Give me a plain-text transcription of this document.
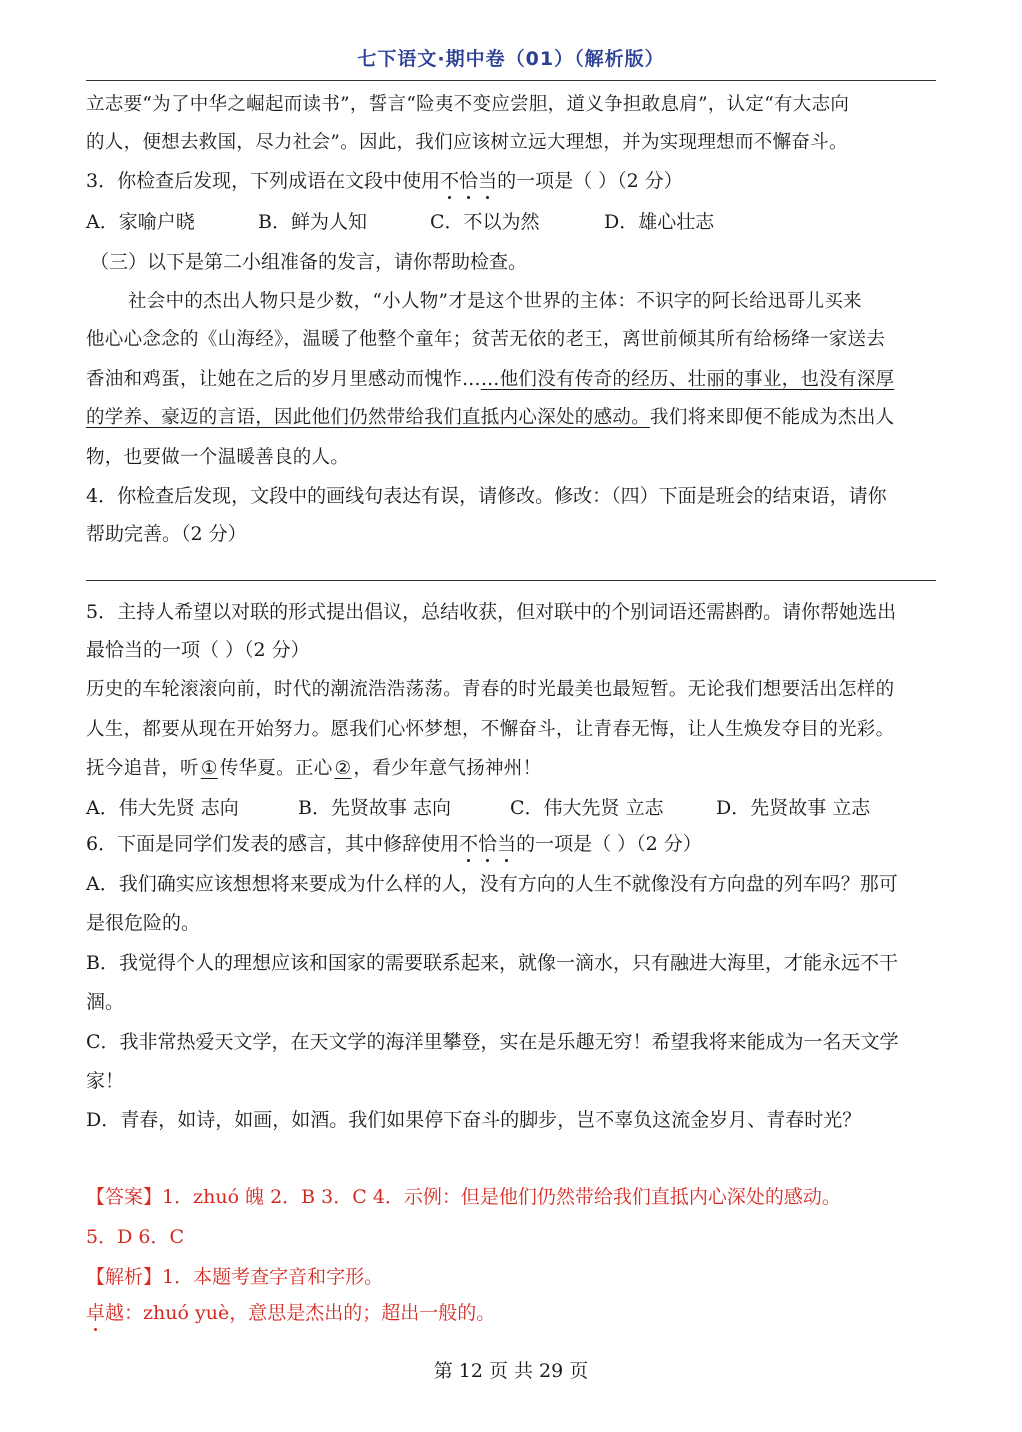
七下语文·期中卷（01）（解析版）
立志要“为了中华之崛起而读书”，誓言“险夷不变应尝胆，道义争担敢息肩”，认定“有大志向
的人，便想去救国，尽力社会”。因此，我们应该树立远大理想，并为实现理想而不懈奋斗。
3．你检查后发现，下列成语在文段中使用不恰当的一项是（ ）（2 分）
A．家喻户晓	B．鲜为人知	C．不以为然	D．雄心壮志
（三）以下是第二小组准备的发言，请你帮助检查。
社会中的杰出人物只是少数，“小人物”才是这个世界的主体：不识字的阿长给迅哥儿买来
他心心念念的《山海经》，温暖了他整个童年；贫苦无依的老王，离世前倾其所有给杨绛一家送去
香油和鸡蛋，让她在之后的岁月里感动而愧怍……他们没有传奇的经历、壮丽的事业，也没有深厚
的学养、豪迈的言语，因此他们仍然带给我们直抵内心深处的感动。我们将来即便不能成为杰出人
物，也要做一个温暖善良的人。
4．你检查后发现，文段中的画线句表达有误，请修改。修改：（四）下面是班会的结束语，请你
帮助完善。（2 分）
5．主持人希望以对联的形式提出倡议，总结收获，但对联中的个别词语还需斟酌。请你帮她选出
最恰当的一项（ ）（2 分）
历史的车轮滚滚向前，时代的潮流浩浩荡荡。青春的时光最美也最短暂。无论我们想要活出怎样的
人生，都要从现在开始努力。愿我们心怀梦想，不懈奋斗，让青春无悔，让人生焕发夺目的光彩。
抚今追昔，听①传华夏。正心②，看少年意气扬神州！
A．伟大先贤 志向	B．先贤故事 志向	C．伟大先贤 立志	D．先贤故事 立志
6．下面是同学们发表的感言，其中修辞使用不恰当的一项是（ ）（2 分）
A．我们确实应该想想将来要成为什么样的人，没有方向的人生不就像没有方向盘的列车吗？那可
是很危险的。
B．我觉得个人的理想应该和国家的需要联系起来，就像一滴水，只有融进大海里，才能永远不干
涸。
C．我非常热爱天文学，在天文学的海洋里攀登，实在是乐趣无穷！希望我将来能成为一名天文学
家！
D．青春，如诗，如画，如酒。我们如果停下奋斗的脚步，岂不辜负这流金岁月、青春时光？
【答案】1．zhuó 魄 2．B 3．C 4．示例：但是他们仍然带给我们直抵内心深处的感动。
5．D 6．C
【解析】1．本题考查字音和字形。
卓越：zhuó yuè，意思是杰出的；超出一般的。
第 12 页 共 29 页
